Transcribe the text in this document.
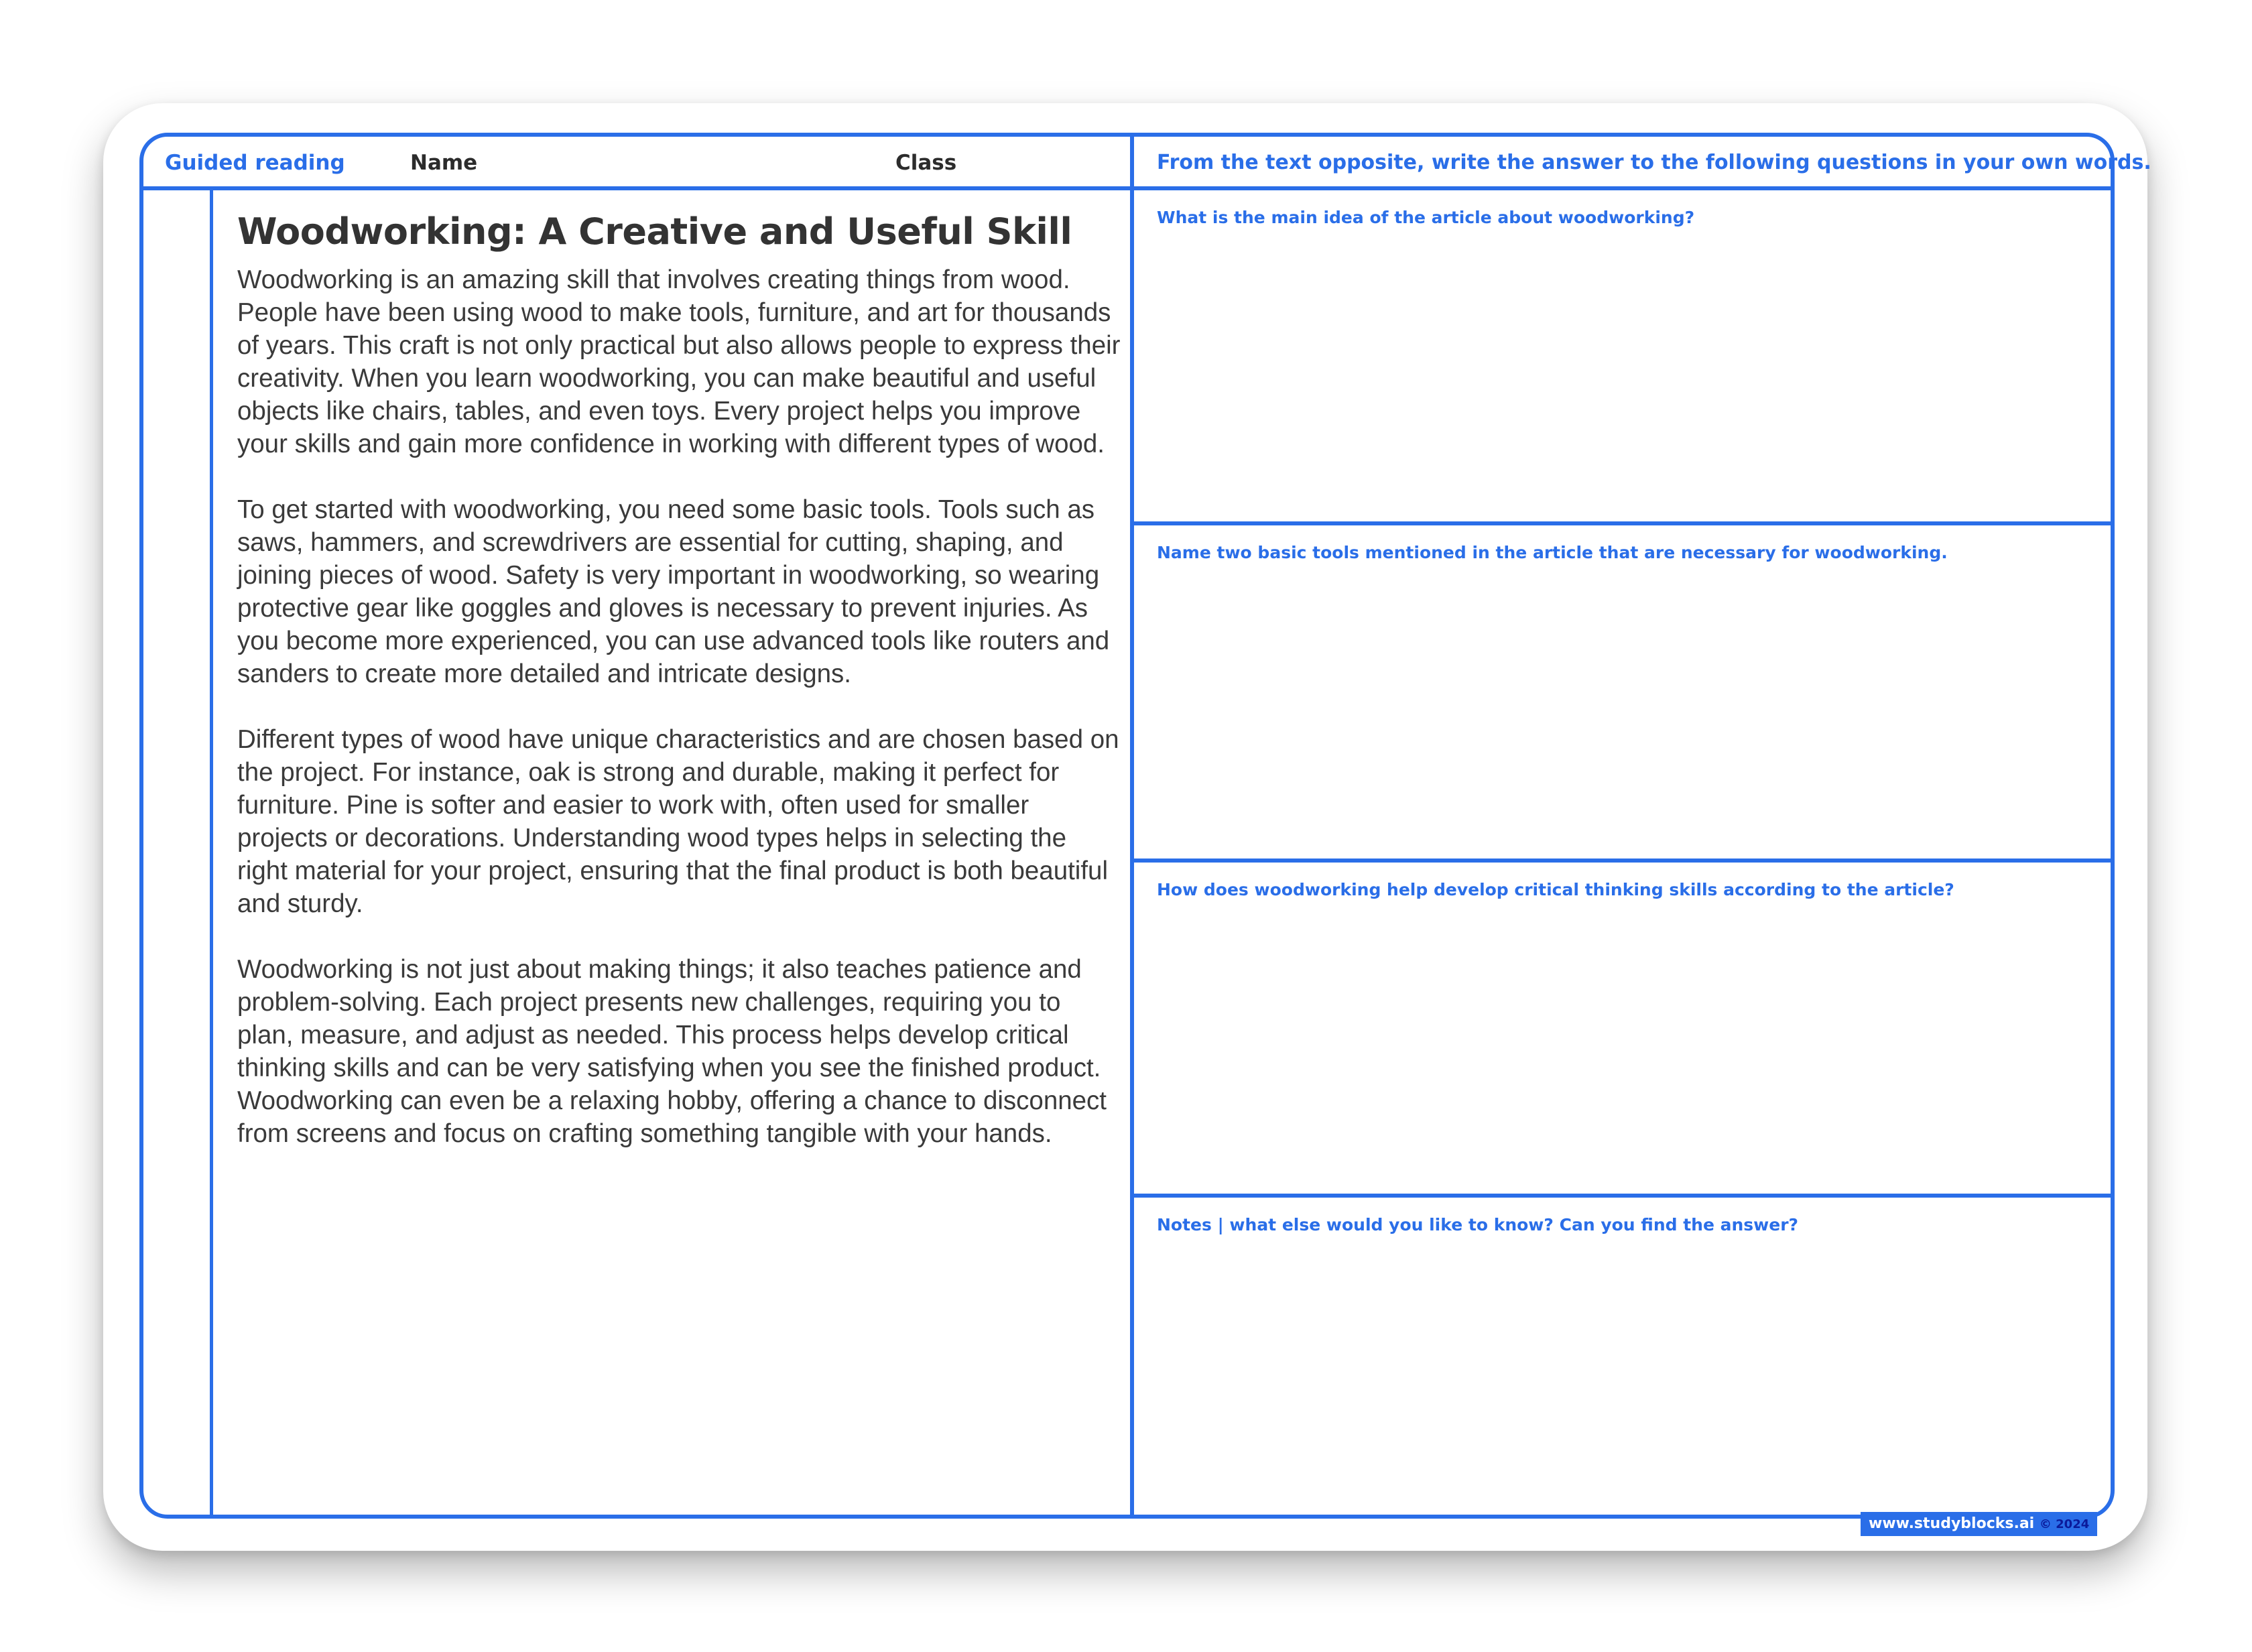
Guided reading	Name	Class
Woodworking: A Creative and Useful Skill

Woodworking is an amazing skill that involves creating things from wood. People have been using wood to make tools, furniture, and art for thousands of years. This craft is not only practical but also allows people to express their creativity. When you learn woodworking, you can make beautiful and useful objects like chairs, tables, and even toys. Every project helps you improve your skills and gain more confidence in working with different types of wood.

To get started with woodworking, you need some basic tools. Tools such as saws, hammers, and screwdrivers are essential for cutting, shaping, and joining pieces of wood. Safety is very important in woodworking, so wearing protective gear like goggles and gloves is necessary to prevent injuries. As you become more experienced, you can use advanced tools like routers and sanders to create more detailed and intricate designs.

Different types of wood have unique characteristics and are chosen based on the project. For instance, oak is strong and durable, making it perfect for furniture. Pine is softer and easier to work with, often used for smaller projects or decorations. Understanding wood types helps in selecting the right material for your project, ensuring that the final product is both beautiful and sturdy.

Woodworking is not just about making things; it also teaches patience and problem-solving. Each project presents new challenges, requiring you to plan, measure, and adjust as needed. This process helps develop critical thinking skills and can be very satisfying when you see the finished product. Woodworking can even be a relaxing hobby, offering a chance to disconnect from screens and focus on crafting something tangible with your hands.

From the text opposite, write the answer to the following questions in your own words.
What is the main idea of the article about woodworking?
Name two basic tools mentioned in the article that are necessary for woodworking.
How does woodworking help develop critical thinking skills according to the article?
Notes | what else would you like to know? Can you find the answer?
www.studyblocks.ai © 2024
